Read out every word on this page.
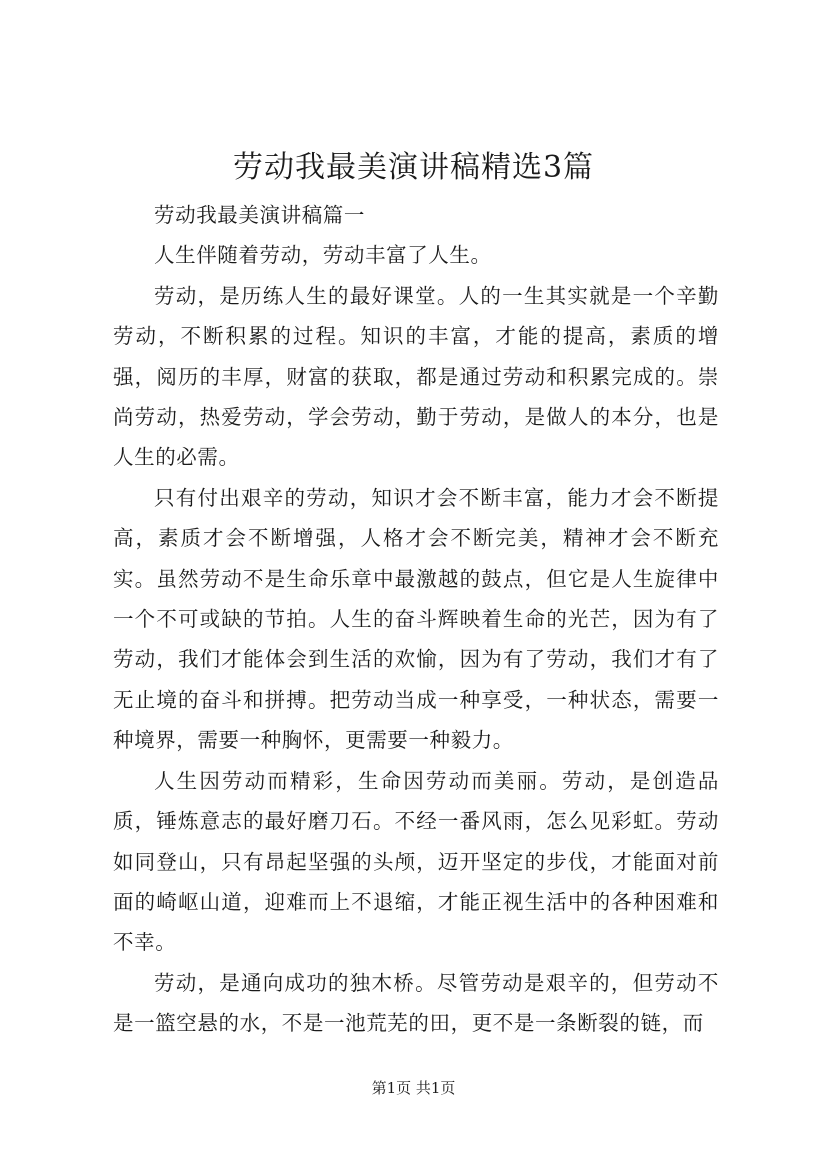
劳动我最美演讲稿精选3篇

劳动我最美演讲稿篇一

人生伴随着劳动，劳动丰富了人生。

劳动，是历练人生的最好课堂。人的一生其实就是一个辛勤劳动，不断积累的过程。知识的丰富，才能的提高，素质的增强，阅历的丰厚，财富的获取，都是通过劳动和积累完成的。崇尚劳动，热爱劳动，学会劳动，勤于劳动，是做人的本分，也是人生的必需。

只有付出艰辛的劳动，知识才会不断丰富，能力才会不断提高，素质才会不断增强，人格才会不断完美，精神才会不断充实。虽然劳动不是生命乐章中最激越的鼓点，但它是人生旋律中一个不可或缺的节拍。人生的奋斗辉映着生命的光芒，因为有了劳动，我们才能体会到生活的欢愉，因为有了劳动，我们才有了无止境的奋斗和拼搏。把劳动当成一种享受，一种状态，需要一种境界，需要一种胸怀，更需要一种毅力。

人生因劳动而精彩，生命因劳动而美丽。劳动，是创造品质，锤炼意志的最好磨刀石。不经一番风雨，怎么见彩虹。劳动如同登山，只有昂起坚强的头颅，迈开坚定的步伐，才能面对前面的崎岖山道，迎难而上不退缩，才能正视生活中的各种困难和不幸。

劳动，是通向成功的独木桥。尽管劳动是艰辛的，但劳动不是一篮空悬的水，不是一池荒芜的田，更不是一条断裂的链，而

第1页 共1页
